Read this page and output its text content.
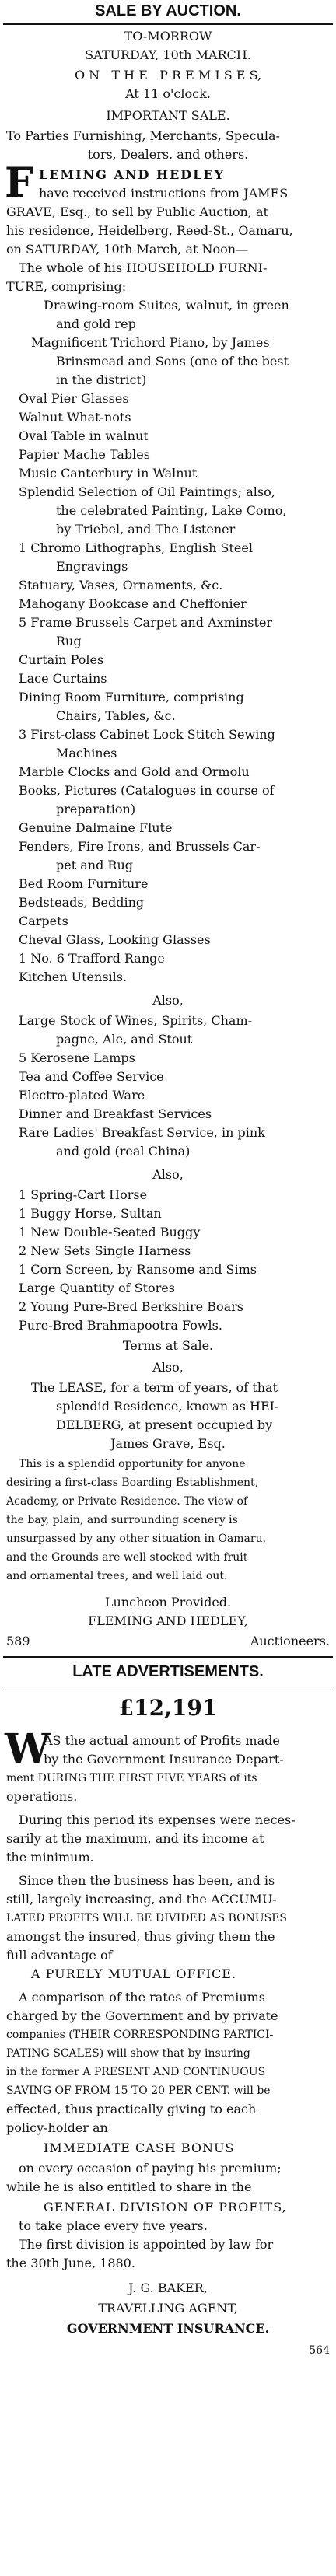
SALE BY AUCTION.
TO-MORROW
SATURDAY, 10th MARCH.
O N   T H E   P R E M I S E S,
At 11 o'clock.
IMPORTANT SALE.
To Parties Furnishing, Merchants, Specula-
tors, Dealers, and others.
F LEMING AND HEDLEY
have received instructions from JAMES
GRAVE, Esq., to sell by Public Auction, at
his residence, Heidelberg, Reed-St., Oamaru,
on SATURDAY, 10th March, at Noon—
The whole of his HOUSEHOLD FURNI-
TURE, comprising:
Drawing-room Suites, walnut, in green
and gold rep
Magnificent Trichord Piano, by James
Brinsmead and Sons (one of the best
in the district)
Oval Pier Glasses
Walnut What-nots
Oval Table in walnut
Papier Mache Tables
Music Canterbury in Walnut
Splendid Selection of Oil Paintings; also,
the celebrated Painting, Lake Como,
by Triebel, and The Listener
1 Chromo Lithographs, English Steel
Engravings
Statuary, Vases, Ornaments, &c.
Mahogany Bookcase and Cheffonier
5 Frame Brussels Carpet and Axminster
Rug
Curtain Poles
Lace Curtains
Dining Room Furniture, comprising
Chairs, Tables, &c.
3 First-class Cabinet Lock Stitch Sewing
Machines
Marble Clocks and Gold and Ormolu
Books, Pictures (Catalogues in course of
preparation)
Genuine Dalmaine Flute
Fenders, Fire Irons, and Brussels Car-
pet and Rug
Bed Room Furniture
Bedsteads, Bedding
Carpets
Cheval Glass, Looking Glasses
1 No. 6 Trafford Range
Kitchen Utensils.
Also,
Large Stock of Wines, Spirits, Cham-
pagne, Ale, and Stout
5 Kerosene Lamps
Tea and Coffee Service
Electro-plated Ware
Dinner and Breakfast Services
Rare Ladies' Breakfast Service, in pink
and gold (real China)
Also,
1 Spring-Cart Horse
1 Buggy Horse, Sultan
1 New Double-Seated Buggy
2 New Sets Single Harness
1 Corn Screen, by Ransome and Sims
Large Quantity of Stores
2 Young Pure-Bred Berkshire Boars
Pure-Bred Brahmapootra Fowls.
Terms at Sale.
Also,
The LEASE, for a term of years, of that
splendid Residence, known as HEI-
DELBERG, at present occupied by
James Grave, Esq.
This is a splendid opportunity for anyone
desiring a first-class Boarding Establishment,
Academy, or Private Residence. The view of
the bay, plain, and surrounding scenery is
unsurpassed by any other situation in Oamaru,
and the Grounds are well stocked with fruit
and ornamental trees, and well laid out.
Luncheon Provided.
FLEMING AND HEDLEY,
589	Auctioneers.
LATE ADVERTISEMENTS.
£12,191
W
AS the actual amount of Profits made
by the Government Insurance Depart-
ment DURING THE FIRST FIVE YEARS of its
operations.
During this period its expenses were neces-
sarily at the maximum, and its income at
the minimum.
Since then the business has been, and is
still, largely increasing, and the ACCUMU-
LATED PROFITS WILL BE DIVIDED AS BONUSES
amongst the insured, thus giving them the
full advantage of
A PURELY MUTUAL OFFICE.
A comparison of the rates of Premiums
charged by the Government and by private
companies (THEIR CORRESPONDING PARTICI-
PATING SCALES) will show that by insuring
in the former A PRESENT AND CONTINUOUS
SAVING OF FROM 15 TO 20 PER CENT. will be
effected, thus practically giving to each
policy-holder an
IMMEDIATE CASH BONUS
on every occasion of paying his premium;
while he is also entitled to share in the
GENERAL DIVISION OF PROFITS,
to take place every five years.
The first division is appointed by law for
the 30th June, 1880.
J. G. BAKER,
TRAVELLING AGENT,
GOVERNMENT INSURANCE.
564
